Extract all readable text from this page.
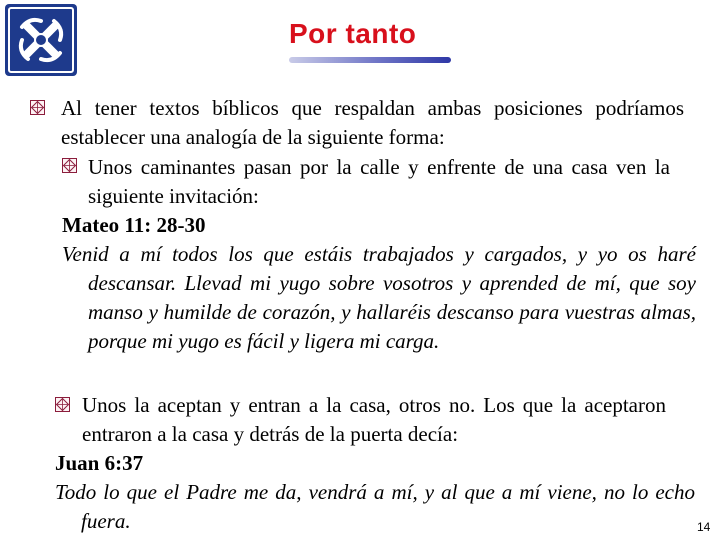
Por tanto
Al tener textos bíblicos que respaldan ambas posiciones podríamos establecer una analogía de la siguiente forma:
Unos caminantes pasan por la calle y enfrente de una casa ven la siguiente invitación:
Mateo 11: 28-30
Venid a mí todos los que estáis trabajados y cargados, y yo os haré descansar. Llevad mi yugo sobre vosotros y aprended de mí, que soy manso y humilde de corazón, y hallaréis descanso para vuestras almas, porque mi yugo es fácil y ligera mi carga.
Unos la aceptan y entran a la casa, otros no. Los que la aceptaron entraron a la casa y detrás de la puerta decía:
Juan 6:37
Todo lo que el Padre me da, vendrá a mí, y al que a mí viene, no lo echo fuera.	14
